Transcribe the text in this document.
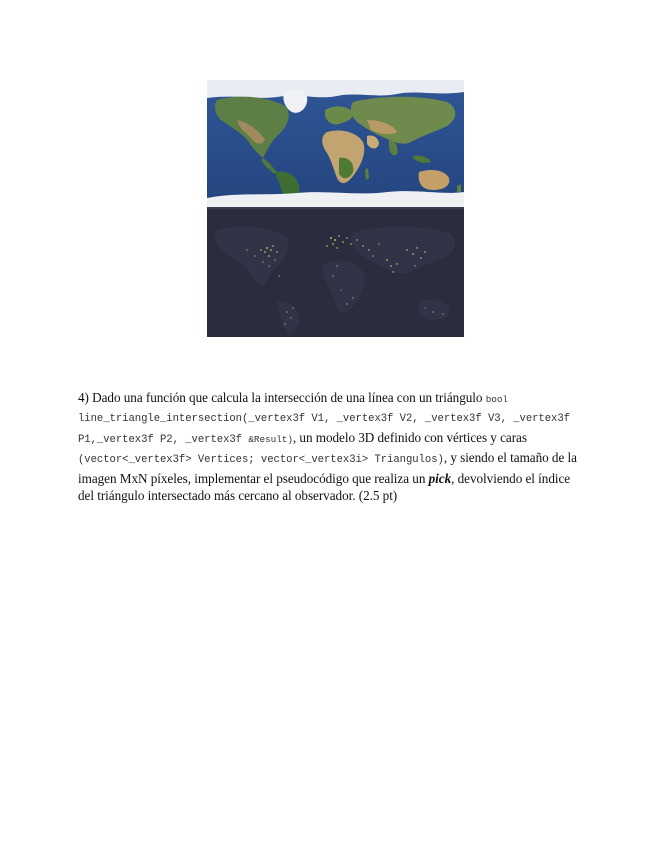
4) Dado una función que calcula la intersección de una línea con un triángulo bool line_triangle_intersection(_vertex3f V1, _vertex3f V2, _vertex3f V3, _vertex3f P1,_vertex3f P2, _vertex3f &Result), un modelo 3D definido con vértices y caras (vector<_vertex3f> Vertices; vector<_vertex3i> Triangulos), y siendo el tamaño de la imagen MxN píxeles, implementar el pseudocódigo que realiza un pick, devolviendo el índice del triángulo intersectado más cercano al observador. (2.5 pt)
